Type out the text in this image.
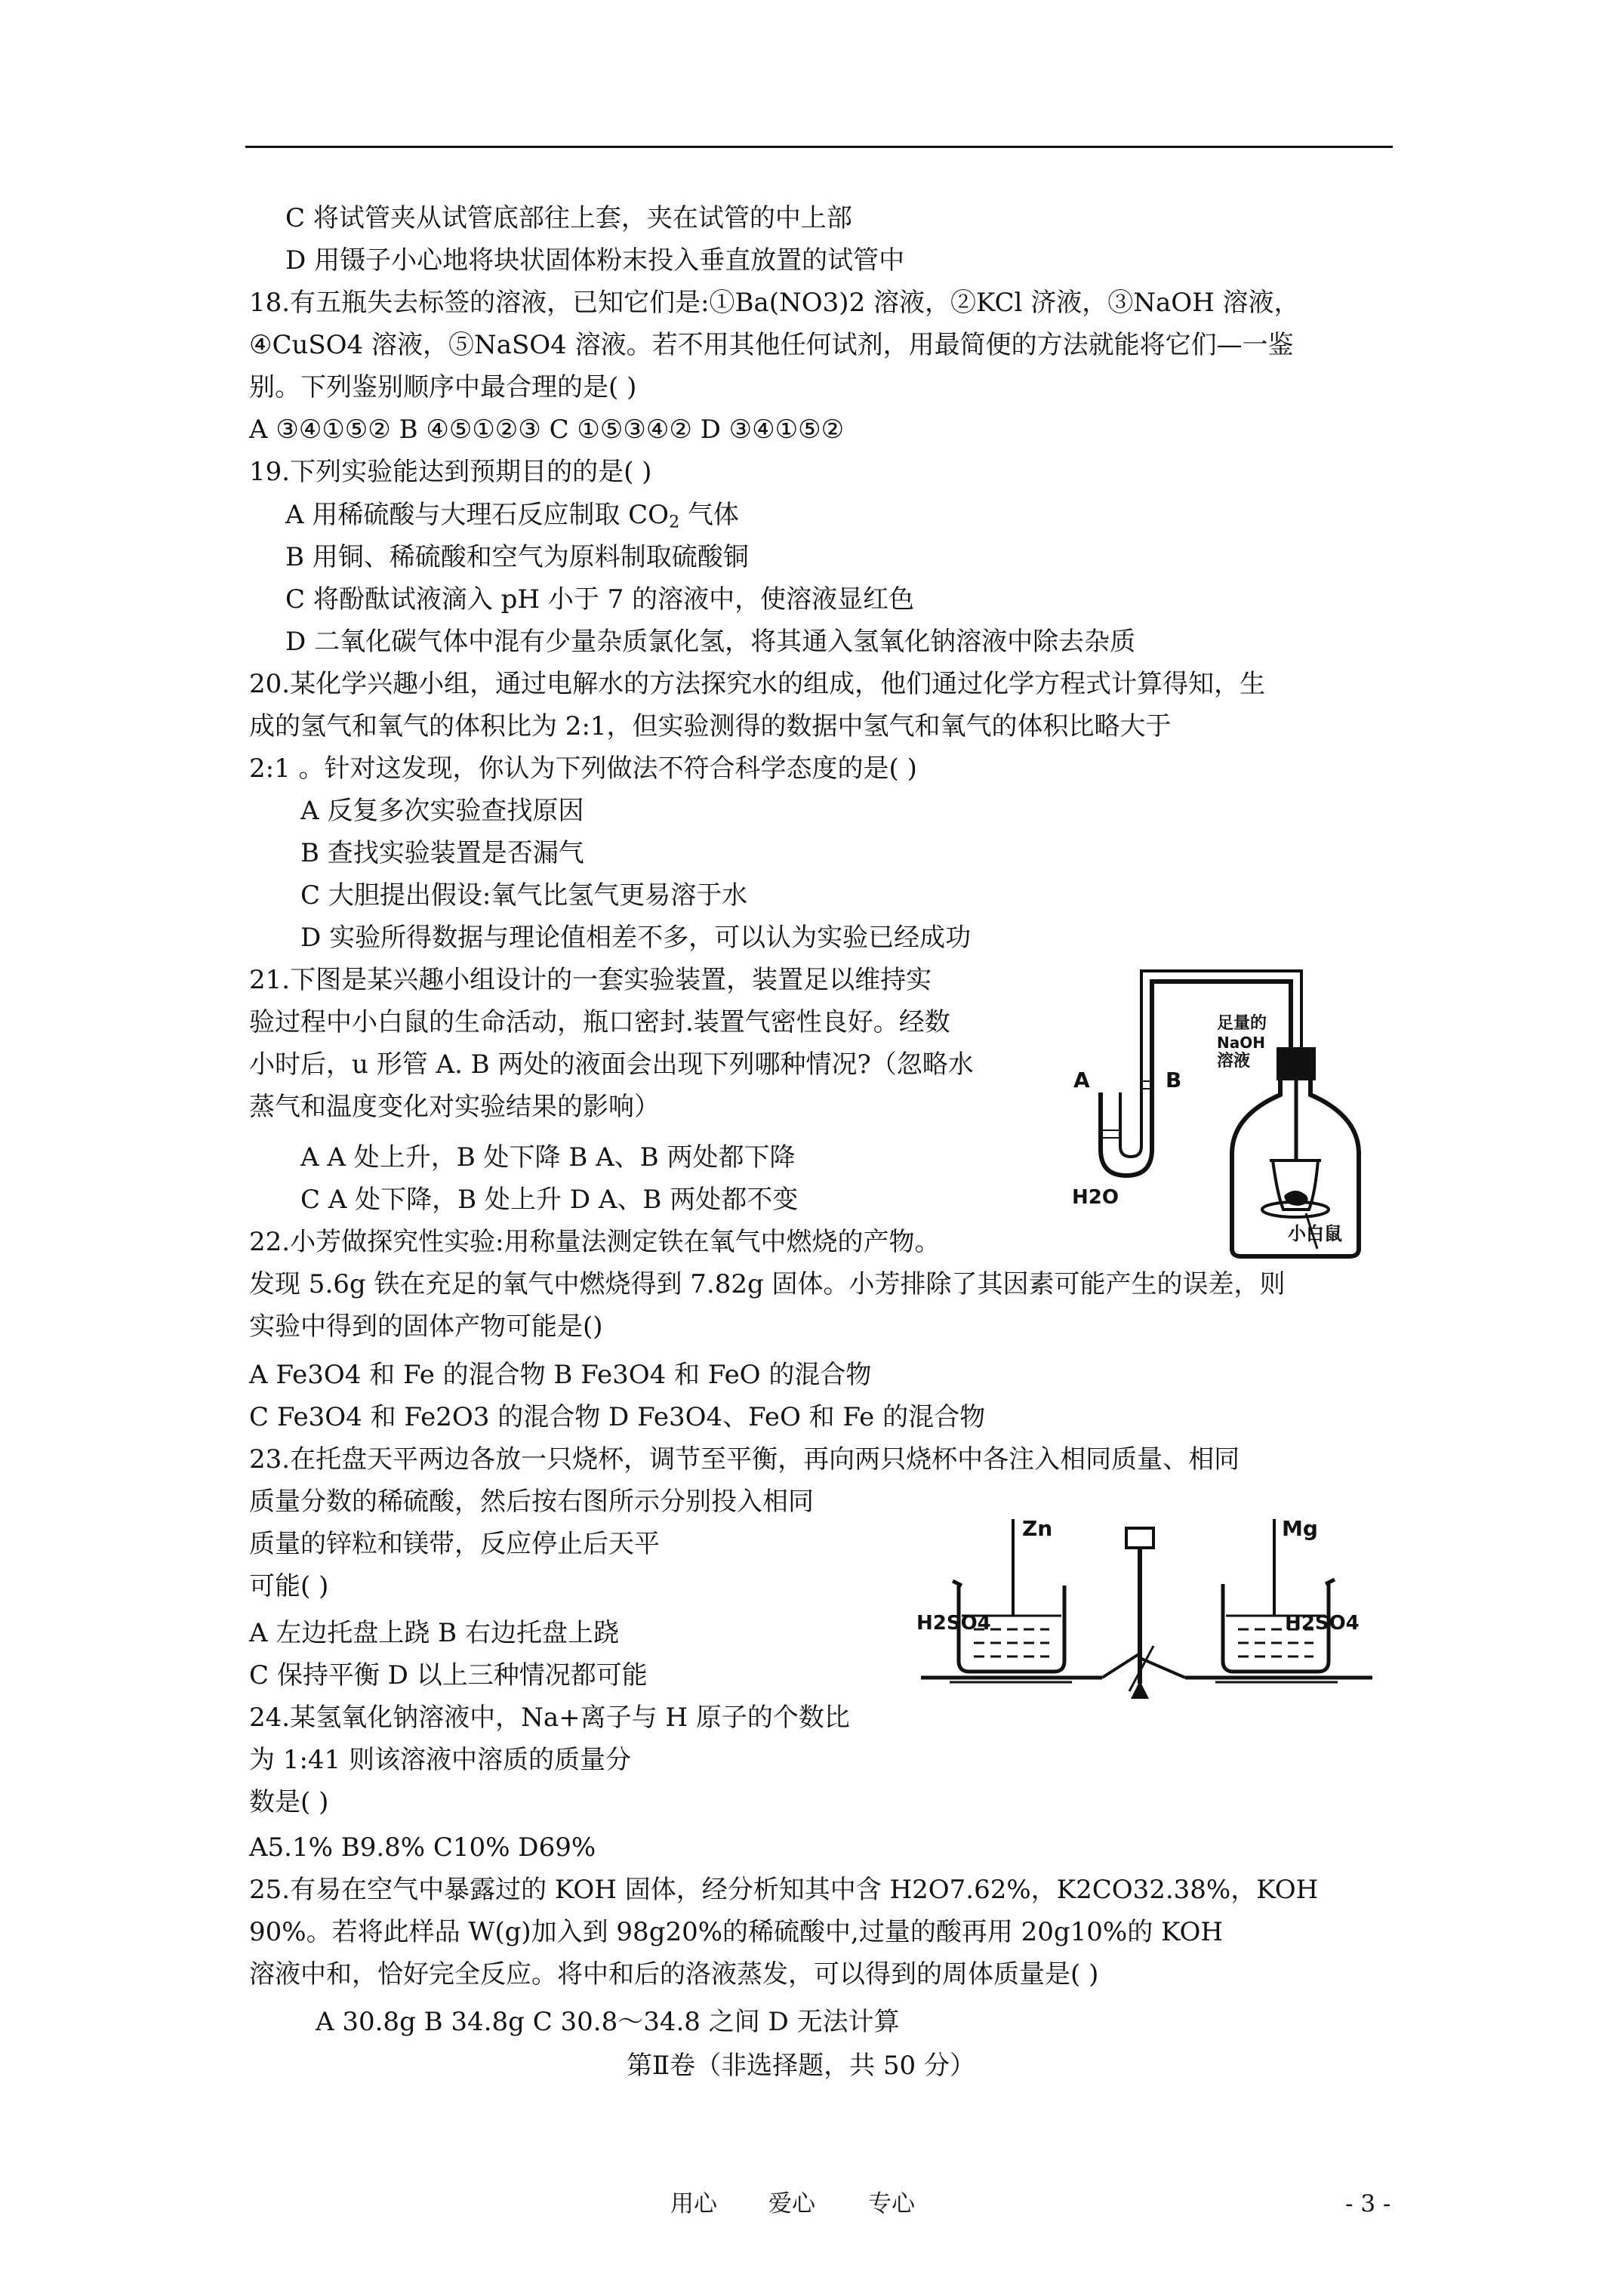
C 将试管夹从试管底部往上套，夹在试管的中上部
D 用镊子小心地将块状固体粉末投入垂直放置的试管中
18.有五瓶失去标签的溶液，已知它们是:①Ba(NO3)2 溶液，②KCl 济液，③NaOH 溶液，
④CuSO4 溶液，⑤NaSO4 溶液。若不用其他任何试剂，用最简便的方法就能将它们—一鉴
别。下列鉴别顺序中最合理的是( )
A ③④①⑤② B ④⑤①②③ C ①⑤③④② D ③④①⑤②
19.下列实验能达到预期目的的是( )
A 用稀硫酸与大理石反应制取 $CO_2$ 气体
B 用铜、稀硫酸和空气为原料制取硫酸铜
C 将酚酞试液滴入 pH 小于 7 的溶液中，使溶液显红色
D 二氧化碳气体中混有少量杂质氯化氢，将其通入氢氧化钠溶液中除去杂质
20.某化学兴趣小组，通过电解水的方法探究水的组成，他们通过化学方程式计算得知，生
成的氢气和氧气的体积比为 2:1，但实验测得的数据中氢气和氧气的体积比略大于
2:1 。针对这发现，你认为下列做法不符合科学态度的是( )
A 反复多次实验查找原因
B 查找实验装置是否漏气
C 大胆提出假设:氧气比氢气更易溶于水
D 实验所得数据与理论值相差不多，可以认为实验已经成功
21.下图是某兴趣小组设计的一套实验装置，装置足以维持实
验过程中小白鼠的生命活动，瓶口密封.装置气密性良好。经数
小时后，u 形管 A. B 两处的液面会出现下列哪种情况?（忽略水
蒸气和温度变化对实验结果的影响）
A A 处上升，B 处下降 B A、B 两处都下降
C A 处下降，B 处上升 D A、B 两处都不变
22.小芳做探究性实验:用称量法测定铁在氧气中燃烧的产物。
发现 5.6g 铁在充足的氧气中燃烧得到 7.82g 固体。小芳排除了其因素可能产生的误差，则
实验中得到的固体产物可能是()
A Fe3O4 和 Fe 的混合物 B Fe3O4 和 FeO 的混合物
C Fe3O4 和 Fe2O3 的混合物 D Fe3O4、FeO 和 Fe 的混合物
23.在托盘天平两边各放一只烧杯，调节至平衡，再向两只烧杯中各注入相同质量、相同
质量分数的稀硫酸，然后按右图所示分别投入相同
质量的锌粒和镁带，反应停止后天平
可能( )
A 左边托盘上跷 B 右边托盘上跷
C 保持平衡 D 以上三种情况都可能
24.某氢氧化钠溶液中，Na+离子与 H 原子的个数比
为 1:41 则该溶液中溶质的质量分
数是( )
A5.1% B9.8% C10% D69%
25.有易在空气中暴露过的 KOH 固体，经分析知其中含 H2O7.62%，K2CO32.38%，KOH
90%。若将此样品 W(g)加入到 98g20%的稀硫酸中,过量的酸再用 20g10%的 KOH
溶液中和，恰好完全反应。将中和后的洛液蒸发，可以得到的周体质量是( )
A 30.8g B 34.8g C 30.8～34.8 之间 D 无法计算
第Ⅱ卷（非选择题，共 50 分）
A	B
H2O
足量的
NaOH
溶液
小白鼠
Zn	Mg
H2SO4	H2SO4
用心 爱心 专心	- 3 -
